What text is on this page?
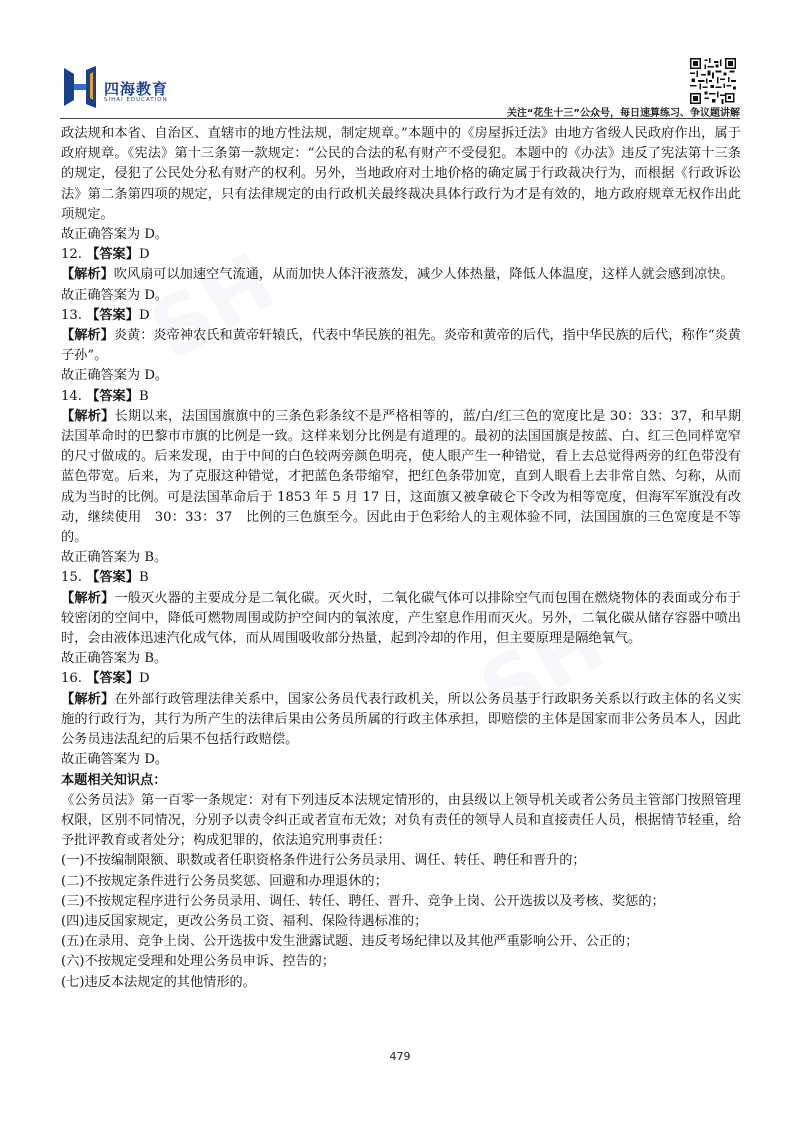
四海教育
SIHAI EDUCATION
关注“花生十三”公众号，每日速算练习、争议题讲解

政法规和本省、自治区、直辖市的地方性法规，制定规章。”本题中的《房屋拆迁法》由地方省级人民政府作出，属于政府规章。《宪法》第十三条第一款规定：“公民的合法的私有财产不受侵犯。本题中的《办法》违反了宪法第十三条的规定，侵犯了公民处分私有财产的权利。另外，当地政府对土地价格的确定属于行政裁决行为，而根据《行政诉讼法》第二条第四项的规定，只有法律规定的由行政机关最终裁决具体行政行为才是有效的，地方政府规章无权作出此项规定。

故正确答案为 D。

12. 【答案】D

【解析】吹风扇可以加速空气流通，从而加快人体汗液蒸发，减少人体热量，降低人体温度，这样人就会感到凉快。

故正确答案为 D。

13. 【答案】D

【解析】炎黄：炎帝神农氏和黄帝轩辕氏，代表中华民族的祖先。炎帝和黄帝的后代，指中华民族的后代，称作“炎黄子孙”。

故正确答案为 D。

14. 【答案】B

【解析】长期以来，法国国旗旗中的三条色彩条纹不是严格相等的，蓝/白/红三色的宽度比是 30：33：37，和早期法国革命时的巴黎市市旗的比例是一致。这样来划分比例是有道理的。最初的法国国旗是按蓝、白、红三色同样宽窄的尺寸做成的。后来发现，由于中间的白色较两旁颜色明亮，使人眼产生一种错觉，看上去总觉得两旁的红色带没有蓝色带宽。后来，为了克服这种错觉，才把蓝色条带缩窄，把红色条带加宽，直到人眼看上去非常自然、匀称，从而成为当时的比例。可是法国革命后于 1853 年 5 月 17 日，这面旗又被拿破仑下令改为相等宽度，但海军军旗没有改动，继续使用　30：33：37　比例的三色旗至今。因此由于色彩给人的主观体验不同，法国国旗的三色宽度是不等的。

故正确答案为 B。

15. 【答案】B

【解析】一般灭火器的主要成分是二氧化碳。灭火时，二氧化碳气体可以排除空气而包围在燃烧物体的表面或分布于较密闭的空间中，降低可燃物周围或防护空间内的氧浓度，产生窒息作用而灭火。另外，二氧化碳从储存容器中喷出时，会由液体迅速汽化成气体，而从周围吸收部分热量，起到冷却的作用，但主要原理是隔绝氧气。

故正确答案为 B。

16. 【答案】D

【解析】在外部行政管理法律关系中，国家公务员代表行政机关，所以公务员基于行政职务关系以行政主体的名义实施的行政行为，其行为所产生的法律后果由公务员所属的行政主体承担，即赔偿的主体是国家而非公务员本人，因此公务员违法乱纪的后果不包括行政赔偿。

故正确答案为 D。

本题相关知识点：

《公务员法》第一百零一条规定：对有下列违反本法规定情形的，由县级以上领导机关或者公务员主管部门按照管理权限，区别不同情况，分别予以责令纠正或者宣布无效；对负有责任的领导人员和直接责任人员，根据情节轻重，给予批评教育或者处分；构成犯罪的，依法追究刑事责任：

(一)不按编制限额、职数或者任职资格条件进行公务员录用、调任、转任、聘任和晋升的；

(二)不按规定条件进行公务员奖惩、回避和办理退休的；

(三)不按规定程序进行公务员录用、调任、转任、聘任、晋升、竞争上岗、公开选拔以及考核、奖惩的；

(四)违反国家规定，更改公务员工资、福利、保险待遇标准的；

(五)在录用、竞争上岗、公开选拔中发生泄露试题、违反考场纪律以及其他严重影响公开、公正的；

(六)不按规定受理和处理公务员申诉、控告的；

(七)违反本法规定的其他情形的。

479
